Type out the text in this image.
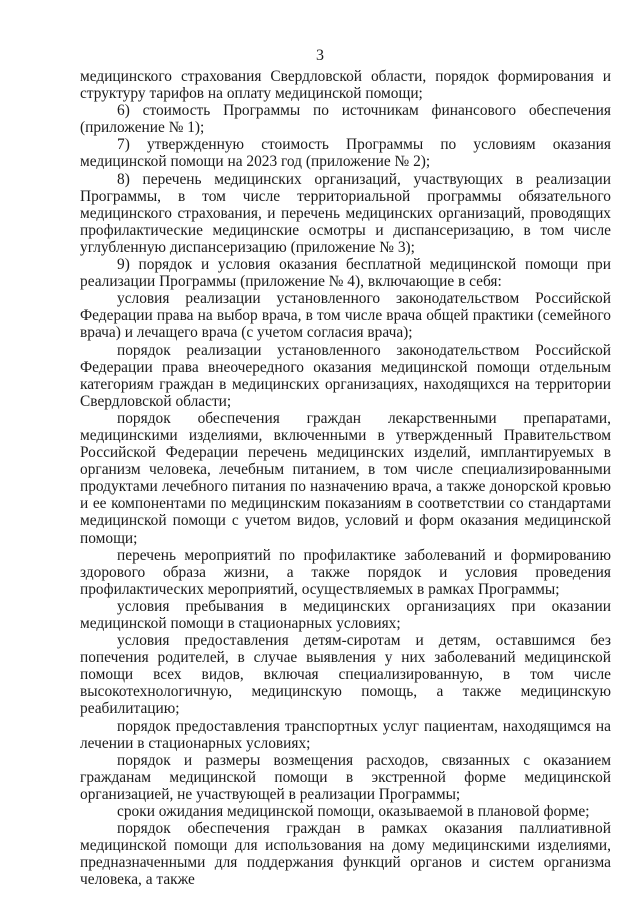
3

медицинского страхования Свердловской области, порядок формирования и структуру тарифов на оплату медицинской помощи;

6) стоимость Программы по источникам финансового обеспечения (приложение № 1);

7) утвержденную стоимость Программы по условиям оказания медицинской помощи на 2023 год (приложение № 2);

8) перечень медицинских организаций, участвующих в реализации Программы, в том числе территориальной программы обязательного медицинского страхования, и перечень медицинских организаций, проводящих профилактические медицинские осмотры и диспансеризацию, в том числе углубленную диспансеризацию (приложение № 3);

9) порядок и условия оказания бесплатной медицинской помощи при реализации Программы (приложение № 4), включающие в себя:

условия реализации установленного законодательством Российской Федерации права на выбор врача, в том числе врача общей практики (семейного врача) и лечащего врача (с учетом согласия врача);

порядок реализации установленного законодательством Российской Федерации права внеочередного оказания медицинской помощи отдельным категориям граждан в медицинских организациях, находящихся на территории Свердловской области;

порядок обеспечения граждан лекарственными препаратами, медицинскими изделиями, включенными в утвержденный Правительством Российской Федерации перечень медицинских изделий, имплантируемых в организм человека, лечебным питанием, в том числе специализированными продуктами лечебного питания по назначению врача, а также донорской кровью и ее компонентами по медицинским показаниям в соответствии со стандартами медицинской помощи с учетом видов, условий и форм оказания медицинской помощи;

перечень мероприятий по профилактике заболеваний и формированию здорового образа жизни, а также порядок и условия проведения профилактических мероприятий, осуществляемых в рамках Программы;

условия пребывания в медицинских организациях при оказании медицинской помощи в стационарных условиях;

условия предоставления детям-сиротам и детям, оставшимся без попечения родителей, в случае выявления у них заболеваний медицинской помощи всех видов, включая специализированную, в том числе высокотехнологичную, медицинскую помощь, а также медицинскую реабилитацию;

порядок предоставления транспортных услуг пациентам, находящимся на лечении в стационарных условиях;

порядок и размеры возмещения расходов, связанных с оказанием гражданам медицинской помощи в экстренной форме медицинской организацией, не участвующей в реализации Программы;

сроки ожидания медицинской помощи, оказываемой в плановой форме;

порядок обеспечения граждан в рамках оказания паллиативной медицинской помощи для использования на дому медицинскими изделиями, предназначенными для поддержания функций органов и систем организма человека, а также
